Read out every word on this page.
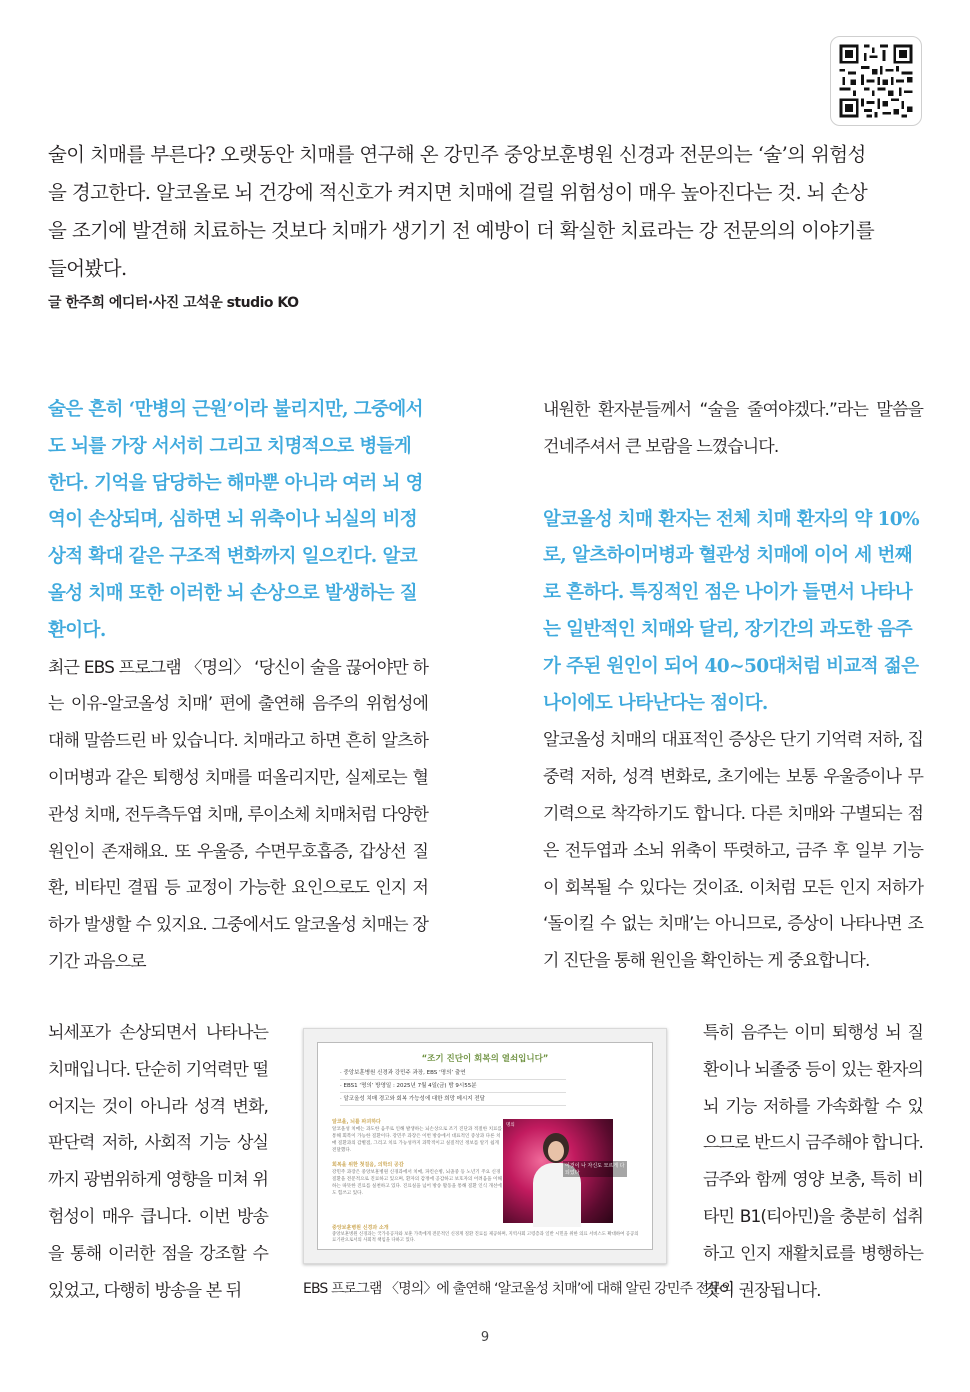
술이 치매를 부른다? 오랫동안 치매를 연구해 온 강민주 중앙보훈병원 신경과 전문의는 ‘술’의 위험성을 경고한다. 알코올로 뇌 건강에 적신호가 켜지면 치매에 걸릴 위험성이 매우 높아진다는 것. 뇌 손상을 조기에 발견해 치료하는 것보다 치매가 생기기 전 예방이 더 확실한 치료라는 강 전문의의 이야기를 들어봤다.

글 한주희 에디터·사진 고석운 studio KO

술은 흔히 ‘만병의 근원’이라 불리지만, 그중에서도 뇌를 가장 서서히 그리고 치명적으로 병들게 한다. 기억을 담당하는 해마뿐 아니라 여러 뇌 영역이 손상되며, 심하면 뇌 위축이나 뇌실의 비정상적 확대 같은 구조적 변화까지 일으킨다. 알코올성 치매 또한 이러한 뇌 손상으로 발생하는 질환이다.

최근 EBS 프로그램 〈명의〉 ‘당신이 술을 끊어야만 하는 이유-알코올성 치매’ 편에 출연해 음주의 위험성에 대해 말씀드린 바 있습니다. 치매라고 하면 흔히 알츠하이머병과 같은 퇴행성 치매를 떠올리지만, 실제로는 혈관성 치매, 전두측두엽 치매, 루이소체 치매처럼 다양한 원인이 존재해요. 또 우울증, 수면무호흡증, 갑상선 질환, 비타민 결핍 등 교정이 가능한 요인으로도 인지 저하가 발생할 수 있지요. 그중에서도 알코올성 치매는 장기간 과음으로

내원한 환자분들께서 “술을 줄여야겠다.”라는 말씀을 건네주셔서 큰 보람을 느꼈습니다.

알코올성 치매 환자는 전체 치매 환자의 약 10%로, 알츠하이머병과 혈관성 치매에 이어 세 번째로 흔하다. 특징적인 점은 나이가 들면서 나타나는 일반적인 치매와 달리, 장기간의 과도한 음주가 주된 원인이 되어 40~50대처럼 비교적 젊은 나이에도 나타난다는 점이다.

알코올성 치매의 대표적인 증상은 단기 기억력 저하, 집중력 저하, 성격 변화로, 초기에는 보통 우울증이나 무기력으로 착각하기도 합니다. 다른 치매와 구별되는 점은 전두엽과 소뇌 위축이 뚜렷하고, 금주 후 일부 기능이 회복될 수 있다는 것이죠. 이처럼 모든 인지 저하가 ‘돌이킬 수 없는 치매’는 아니므로, 증상이 나타나면 조기 진단을 통해 원인을 확인하는 게 중요합니다.

뇌세포가 손상되면서 나타나는 치매입니다. 단순히 기억력만 떨어지는 것이 아니라 성격 변화, 판단력 저하, 사회적 기능 상실까지 광범위하게 영향을 미쳐 위험성이 매우 큽니다. 이번 방송을 통해 이러한 점을 강조할 수 있었고, 다행히 방송을 본 뒤

특히 음주는 이미 퇴행성 뇌 질환이나 뇌졸중 등이 있는 환자의 뇌 기능 저하를 가속화할 수 있으므로 반드시 금주해야 합니다. 금주와 함께 영양 보충, 특히 비타민 B1(티아민)을 충분히 섭취하고 인지 재활치료를 병행하는 것이 권장됩니다.

“조기 진단이 회복의 열쇠입니다”
· 중앙보훈병원 신경과 강민주 과장, EBS ‘명의’ 출연
· EBS1 ‘명의’ 방영일 : 2025년 7월 4일(금) 밤 9시55분
· 알코올성 치매 경고와 회복 가능성에 대한 희망 메시지 전달
알코올, 뇌를 파괴하다
알코올성 치매는 과도한 음주로 인해 발생하는 뇌손상으로 조기 진단과 적절한 치료를 통해 회복이 가능한 질환이다. 강민주 과장은 이번 방송에서 대표적인 증상과 다른 치매 질환과의 감별점, 그리고 치료 가능성까지 과학적이고 실질적인 정보를 알기 쉽게 전달했다.
회복을 위한 첫걸음, 의학의 공감
강민주 과장은 중앙보훈병원 신경과에서 치매, 파킨슨병, 뇌졸중 등 노년기 주요 신경질환을 전문적으로 진료하고 있으며, 환자의 감정에 공감하고 보호자의 어려움을 이해하는 따뜻한 진료를 실천하고 있다. 진료실을 넘어 방송 활동을 통해 질환 인식 개선에도 힘쓰고 있다.
명의
이것이 나 자신도 모르게 다 되었다
중앙보훈병원 신경과 소개
중앙보훈병원 신경과는 국가유공자와 보훈 가족에게 전문적인 신경계 질환 진료를 제공하며, 지역사회 고령층과 일반 시민을 위한 의료 서비스도 확대하여 공공의료기관으로서의 사회적 책임을 다하고 있다.
EBS 프로그램 〈명의〉에 출연해 ‘알코올성 치매’에 대해 알린 강민주 전문의
9
